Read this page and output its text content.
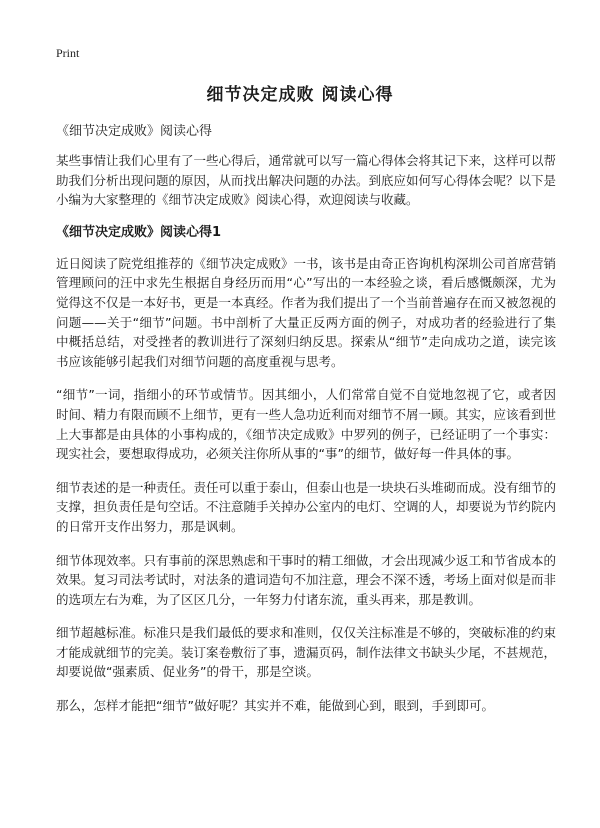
Print
细节决定成败 阅读心得
《细节决定成败》阅读心得

某些事情让我们心里有了一些心得后，通常就可以写一篇心得体会将其记下来，这样可以帮助我们分析出现问题的原因，从而找出解决问题的办法。到底应如何写心得体会呢？以下是小编为大家整理的《细节决定成败》阅读心得，欢迎阅读与收藏。

《细节决定成败》阅读心得1

近日阅读了院党组推荐的《细节决定成败》一书，该书是由奇正咨询机构深圳公司首席营销管理顾问的汪中求先生根据自身经历而用“心”写出的一本经验之谈，看后感慨颇深，尤为觉得这不仅是一本好书，更是一本真经。作者为我们提出了一个当前普遍存在而又被忽视的问题——关于“细节”问题。书中剖析了大量正反两方面的例子，对成功者的经验进行了集中概括总结，对受挫者的教训进行了深刻归纳反思。探索从“细节”走向成功之道，读完该书应该能够引起我们对细节问题的高度重视与思考。

“细节”一词，指细小的环节或情节。因其细小，人们常常自觉不自觉地忽视了它，或者因时间、精力有限而顾不上细节，更有一些人急功近利而对细节不屑一顾。其实，应该看到世上大事都是由具体的小事构成的，《细节决定成败》中罗列的例子，已经证明了一个事实：现实社会，要想取得成功，必须关注你所从事的“事”的细节，做好每一件具体的事。

细节表述的是一种责任。责任可以重于泰山，但泰山也是一块块石头堆砌而成。没有细节的支撑，担负责任是句空话。不注意随手关掉办公室内的电灯、空调的人，却要说为节约院内的日常开支作出努力，那是讽刺。

细节体现效率。只有事前的深思熟虑和干事时的精工细做，才会出现减少返工和节省成本的效果。复习司法考试时，对法条的遣词造句不加注意，理会不深不透，考场上面对似是而非的选项左右为难，为了区区几分，一年努力付诸东流，重头再来，那是教训。

细节超越标准。标准只是我们最低的要求和准则，仅仅关注标准是不够的，突破标准的约束才能成就细节的完美。装订案卷敷衍了事，遗漏页码，制作法律文书缺头少尾，不甚规范，却要说做“强素质、促业务”的骨干，那是空谈。

那么，怎样才能把“细节”做好呢？其实并不难，能做到心到，眼到，手到即可。
